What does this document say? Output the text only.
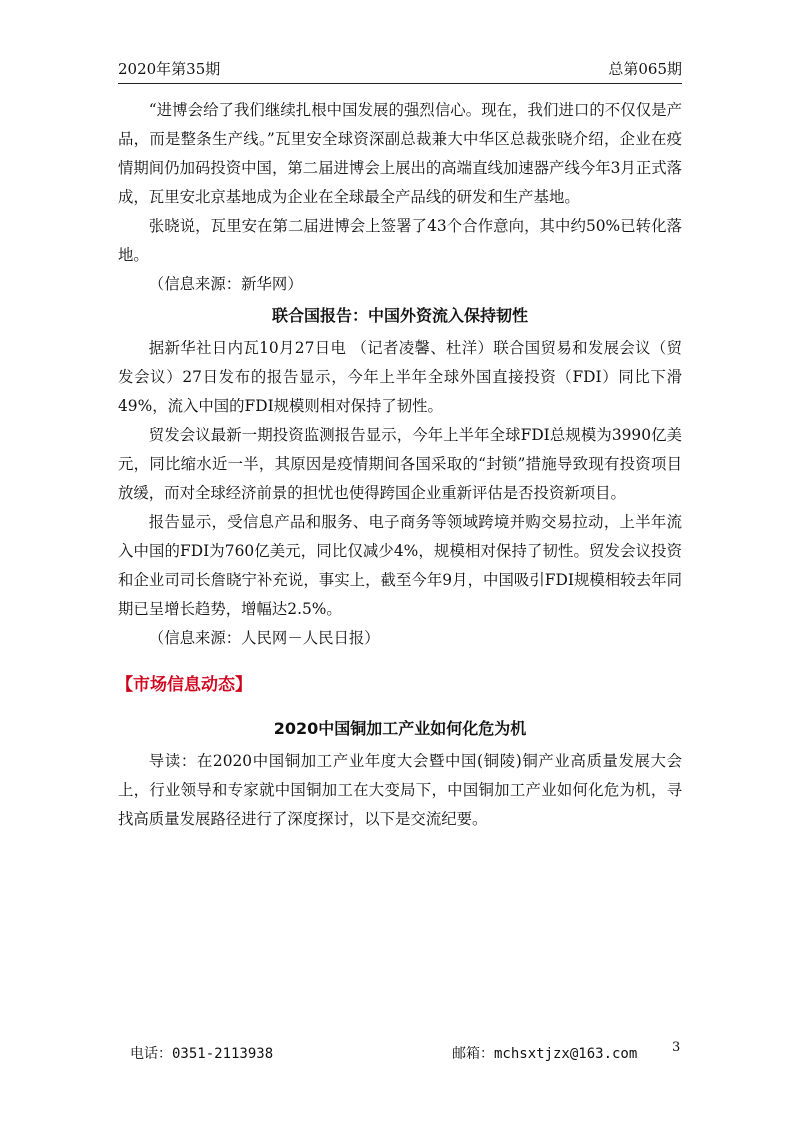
2020年第35期	总第065期

“进博会给了我们继续扎根中国发展的强烈信心。现在，我们进口的不仅仅是产品，而是整条生产线。”瓦里安全球资深副总裁兼大中华区总裁张晓介绍，企业在疫情期间仍加码投资中国，第二届进博会上展出的高端直线加速器产线今年3月正式落成，瓦里安北京基地成为企业在全球最全产品线的研发和生产基地。

张晓说，瓦里安在第二届进博会上签署了43个合作意向，其中约50%已转化落地。

（信息来源：新华网）

联合国报告：中国外资流入保持韧性

据新华社日内瓦10月27日电 （记者凌馨、杜洋）联合国贸易和发展会议（贸发会议）27日发布的报告显示，今年上半年全球外国直接投资（FDI）同比下滑49%，流入中国的FDI规模则相对保持了韧性。

贸发会议最新一期投资监测报告显示，今年上半年全球FDI总规模为3990亿美元，同比缩水近一半，其原因是疫情期间各国采取的“封锁”措施导致现有投资项目放缓，而对全球经济前景的担忧也使得跨国企业重新评估是否投资新项目。

报告显示，受信息产品和服务、电子商务等领域跨境并购交易拉动，上半年流入中国的FDI为760亿美元，同比仅减少4%，规模相对保持了韧性。贸发会议投资和企业司司长詹晓宁补充说，事实上，截至今年9月，中国吸引FDI规模相较去年同期已呈增长趋势，增幅达2.5%。

（信息来源：人民网－人民日报）

【市场信息动态】
2020中国铜加工产业如何化危为机

导读：在2020中国铜加工产业年度大会暨中国(铜陵)铜产业高质量发展大会上，行业领导和专家就中国铜加工在大变局下，中国铜加工产业如何化危为机，寻找高质量发展路径进行了深度探讨，以下是交流纪要。

电话：0351-2113938	邮箱：mchsxtjzx@163.com	3
